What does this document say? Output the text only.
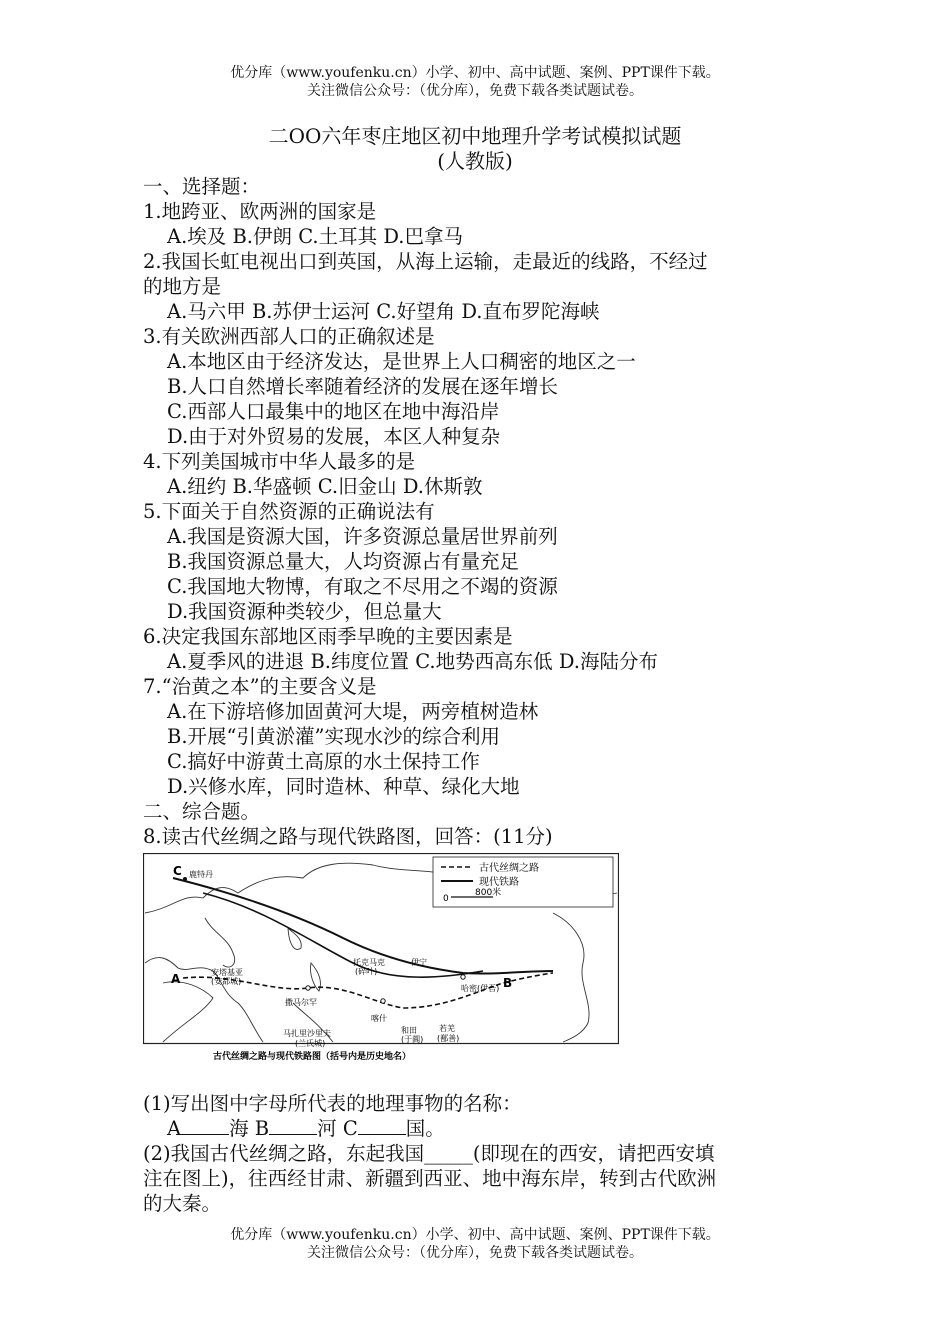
优分库（www.youfenku.cn）小学、初中、高中试题、案例、PPT课件下载。
关注微信公众号：（优分库），免费下载各类试题试卷。
二OO六年枣庄地区初中地理升学考试模拟试题
(人教版)
一、选择题：
1.地跨亚、欧两洲的国家是
A.埃及 B.伊朗 C.土耳其 D.巴拿马
2.我国长虹电视出口到英国，从海上运输，走最近的线路，不经过
的地方是
A.马六甲 B.苏伊士运河 C.好望角 D.直布罗陀海峡
3.有关欧洲西部人口的正确叙述是
A.本地区由于经济发达，是世界上人口稠密的地区之一
B.人口自然增长率随着经济的发展在逐年增长
C.西部人口最集中的地区在地中海沿岸
D.由于对外贸易的发展，本区人种复杂
4.下列美国城市中华人最多的是
A.纽约 B.华盛顿 C.旧金山 D.休斯敦
5.下面关于自然资源的正确说法有
A.我国是资源大国，许多资源总量居世界前列
B.我国资源总量大，人均资源占有量充足
C.我国地大物博，有取之不尽用之不竭的资源
D.我国资源种类较少，但总量大
6.决定我国东部地区雨季早晚的主要因素是
A.夏季风的进退 B.纬度位置 C.地势西高东低 D.海陆分布
7.“治黄之本”的主要含义是
A.在下游培修加固黄河大堤，两旁植树造林
B.开展“引黄淤灌”实现水沙的综合利用
C.搞好中游黄土高原的水土保持工作
D.兴修水库，同时造林、种草、绿化大地
二、综合题。
8.读古代丝绸之路与现代铁路图，回答：(11分)
古代丝绸之路
现代铁路
0
800米
A	B
C 鹿特丹
安塔基亚
(安都城)
撒马尔罕
马扎里沙里夫
(兰氏城)
喀什
和田
(于阗)
若羌
(鄯善)
哈密(伊吾)
伊宁
托克马克
(碎叶)
古代丝绸之路与现代铁路图（括号内是历史地名）
(1)写出图中字母所代表的地理事物的名称：
A 海 B 河 C 国。
(2)我国古代丝绸之路，东起我国_____(即现在的西安，请把西安填
注在图上)，往西经甘肃、新疆到西亚、地中海东岸，转到古代欧洲
的大秦。
优分库（www.youfenku.cn）小学、初中、高中试题、案例、PPT课件下载。
关注微信公众号：（优分库），免费下载各类试题试卷。
